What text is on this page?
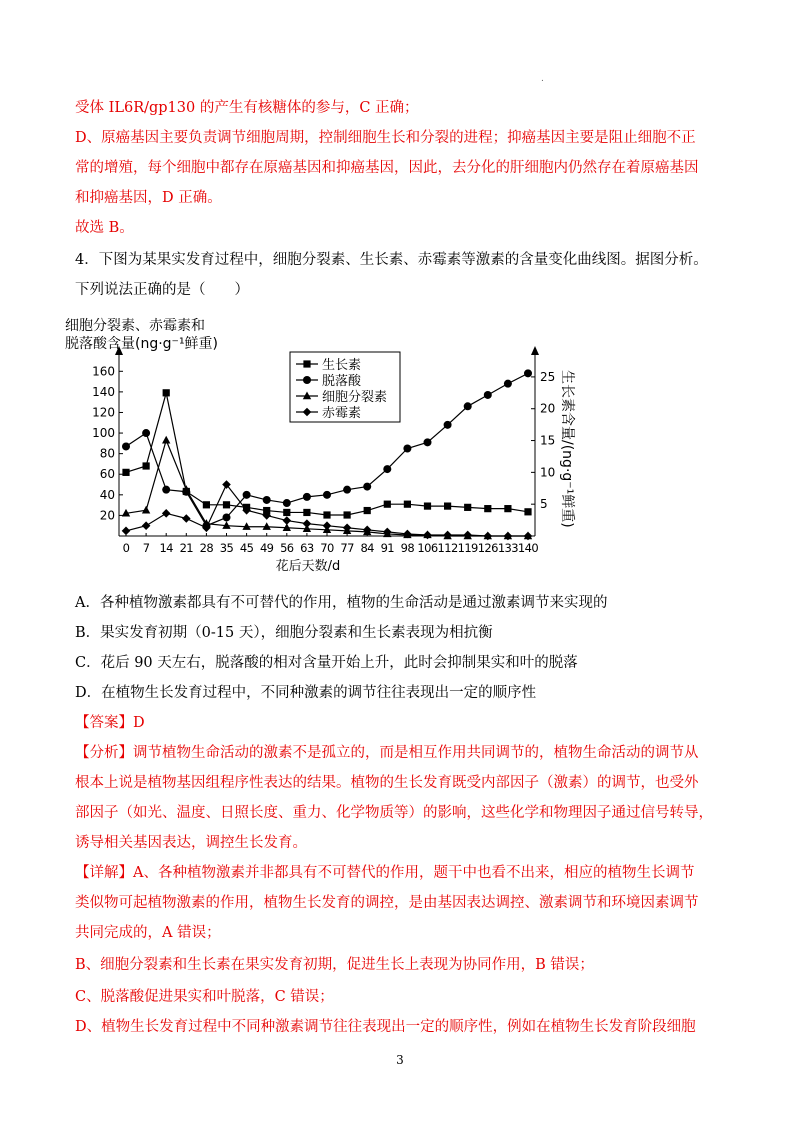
.
受体 IL6R/gp130 的产生有核糖体的参与，C 正确；
D、原癌基因主要负责调节细胞周期，控制细胞生长和分裂的进程；抑癌基因主要是阻止细胞不正
常的增殖，每个细胞中都存在原癌基因和抑癌基因，因此，去分化的肝细胞内仍然存在着原癌基因
和抑癌基因，D 正确。
故选 B。
4．下图为某果实发育过程中，细胞分裂素、生长素、赤霉素等激素的含量变化曲线图。据图分析。
下列说法正确的是（　　）
A．各种植物激素都具有不可替代的作用，植物的生命活动是通过激素调节来实现的
B．果实发育初期（0-15 天），细胞分裂素和生长素表现为相抗衡
C．花后 90 天左右，脱落酸的相对含量开始上升，此时会抑制果实和叶的脱落
D．在植物生长发育过程中，不同种激素的调节往往表现出一定的顺序性
【答案】D
【分析】调节植物生命活动的激素不是孤立的，而是相互作用共同调节的，植物生命活动的调节从
根本上说是植物基因组程序性表达的结果。植物的生长发育既受内部因子（激素）的调节，也受外
部因子（如光、温度、日照长度、重力、化学物质等）的影响，这些化学和物理因子通过信号转导，
诱导相关基因表达，调控生长发育。
【详解】A、各种植物激素并非都具有不可替代的作用，题干中也看不出来，相应的植物生长调节
类似物可起植物激素的作用，植物生长发育的调控，是由基因表达调控、激素调节和环境因素调节
共同完成的，A 错误；
B、细胞分裂素和生长素在果实发育初期，促进生长上表现为协同作用，B 错误；
C、脱落酸促进果实和叶脱落，C 错误；
D、植物生长发育过程中不同种激素调节往往表现出一定的顺序性，例如在植物生长发育阶段细胞
20
40
60
80
100
120
140
160
5
10
15
20
25
0 7 14 21 28 35 45 49 56 63 70 77 84 91 98 106 112 119 126 133 140
细胞分裂素、赤霉素和
脱落酸含量(ng·g⁻¹鲜重)
花后天数/d
生长素含量/(ng·g⁻¹鲜重)
生长素
脱落酸
细胞分裂素
赤霉素
3
